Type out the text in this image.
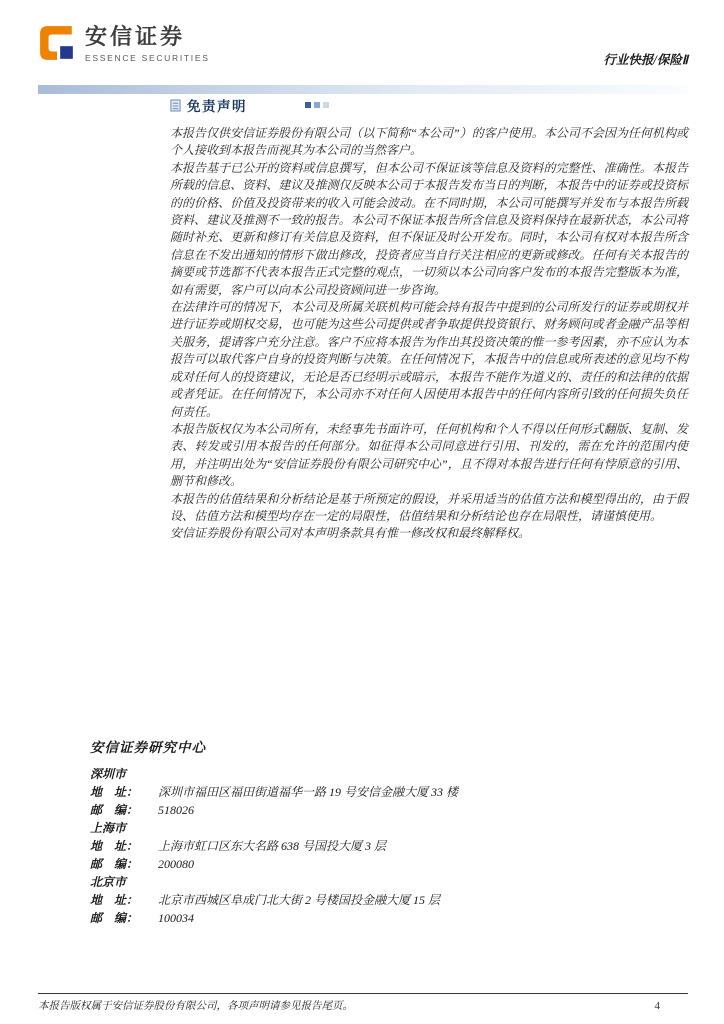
安信证券
ESSENCE SECURITIES	行业快报/保险Ⅱ
免责声明

本报告仅供安信证券股份有限公司（以下简称“本公司”）的客户使用。本公司不会因为任何机构或个人接收到本报告而视其为本公司的当然客户。

本报告基于已公开的资料或信息撰写，但本公司不保证该等信息及资料的完整性、准确性。本报告所载的信息、资料、建议及推测仅反映本公司于本报告发布当日的判断，本报告中的证券或投资标的的价格、价值及投资带来的收入可能会波动。在不同时期，本公司可能撰写并发布与本报告所载资料、建议及推测不一致的报告。本公司不保证本报告所含信息及资料保持在最新状态，本公司将随时补充、更新和修订有关信息及资料，但不保证及时公开发布。同时，本公司有权对本报告所含信息在不发出通知的情形下做出修改，投资者应当自行关注相应的更新或修改。任何有关本报告的摘要或节选都不代表本报告正式完整的观点，一切须以本公司向客户发布的本报告完整版本为准，如有需要，客户可以向本公司投资顾问进一步咨询。

在法律许可的情况下，本公司及所属关联机构可能会持有报告中提到的公司所发行的证券或期权并进行证券或期权交易，也可能为这些公司提供或者争取提供投资银行、财务顾问或者金融产品等相关服务，提请客户充分注意。客户不应将本报告为作出其投资决策的惟一参考因素，亦不应认为本报告可以取代客户自身的投资判断与决策。在任何情况下，本报告中的信息或所表述的意见均不构成对任何人的投资建议，无论是否已经明示或暗示，本报告不能作为道义的、责任的和法律的依据或者凭证。在任何情况下，本公司亦不对任何人因使用本报告中的任何内容所引致的任何损失负任何责任。

本报告版权仅为本公司所有，未经事先书面许可，任何机构和个人不得以任何形式翻版、复制、发表、转发或引用本报告的任何部分。如征得本公司同意进行引用、刊发的，需在允许的范围内使用，并注明出处为“安信证券股份有限公司研究中心”，且不得对本报告进行任何有悖原意的引用、删节和修改。

本报告的估值结果和分析结论是基于所预定的假设，并采用适当的估值方法和模型得出的，由于假设、估值方法和模型均存在一定的局限性，估值结果和分析结论也存在局限性，请谨慎使用。

安信证券股份有限公司对本声明条款具有惟一修改权和最终解释权。

安信证券研究中心
深圳市
地　址：	深圳市福田区福田街道福华一路 19 号安信金融大厦 33 楼
邮　编：	518026
上海市
地　址：	上海市虹口区东大名路 638 号国投大厦 3 层
邮　编：	200080
北京市
地　址：	北京市西城区阜成门北大街 2 号楼国投金融大厦 15 层
邮　编：	100034
本报告版权属于安信证券股份有限公司，各项声明请参见报告尾页。	4
